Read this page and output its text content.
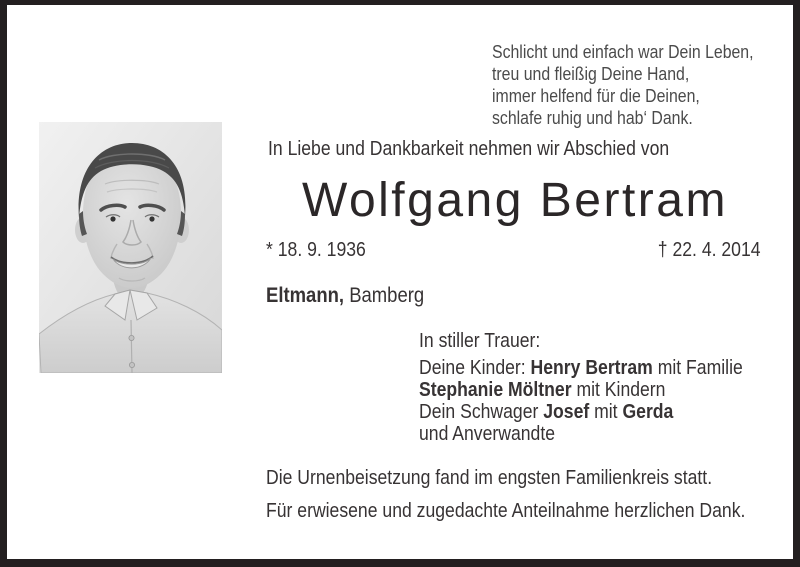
Schlicht und einfach war Dein Leben,
treu und fleißig Deine Hand,
immer helfend für die Deinen,
schlafe ruhig und hab‘ Dank.
In Liebe und Dankbarkeit nehmen wir Abschied von
Wolfgang Bertram
* 18. 9. 1936	† 22. 4. 2014
Eltmann, Bamberg
In stiller Trauer:
Deine Kinder: Henry Bertram mit Familie
Stephanie Möltner mit Kindern
Dein Schwager Josef mit Gerda
und Anverwandte
Die Urnenbeisetzung fand im engsten Familienkreis statt.
Für erwiesene und zugedachte Anteilnahme herzlichen Dank.
